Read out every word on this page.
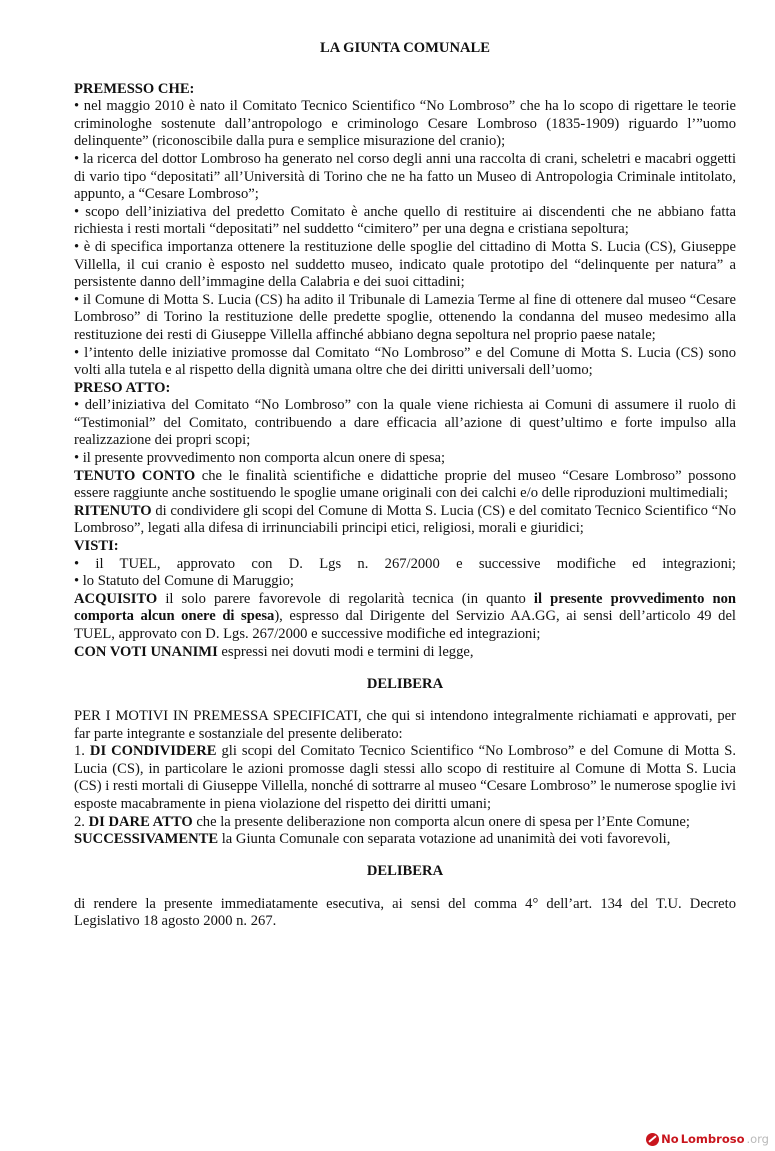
LA GIUNTA COMUNALE

PREMESSO CHE:

• nel maggio 2010 è nato il Comitato Tecnico Scientifico “No Lombroso” che ha lo scopo di rigettare le teorie criminologhe sostenute dall’antropologo e criminologo Cesare Lombroso (1835-1909) riguardo l’”uomo delinquente” (riconoscibile dalla pura e semplice misurazione del cranio);

• la ricerca del dottor Lombroso ha generato nel corso degli anni una raccolta di crani, scheletri e macabri oggetti di vario tipo “depositati” all’Università di Torino che ne ha fatto un Museo di Antropologia Criminale intitolato, appunto, a “Cesare Lombroso”;

• scopo dell’iniziativa del predetto Comitato è anche quello di restituire ai discendenti che ne abbiano fatta richiesta i resti mortali “depositati” nel suddetto “cimitero” per una degna e cristiana sepoltura;

• è di specifica importanza ottenere la restituzione delle spoglie del cittadino di Motta S. Lucia (CS), Giuseppe Villella, il cui cranio è esposto nel suddetto museo, indicato quale prototipo del “delinquente per natura” a persistente danno dell’immagine della Calabria e dei suoi cittadini;

• il Comune di Motta S. Lucia (CS) ha adito il Tribunale di Lamezia Terme al fine di ottenere dal museo “Cesare Lombroso” di Torino la restituzione delle predette spoglie, ottenendo la condanna del museo medesimo alla restituzione dei resti di Giuseppe Villella affinché abbiano degna sepoltura nel proprio paese natale;

• l’intento delle iniziative promosse dal Comitato “No Lombroso” e del Comune di Motta S. Lucia (CS) sono volti alla tutela e al rispetto della dignità umana oltre che dei diritti universali dell’uomo;

PRESO ATTO:

• dell’iniziativa del Comitato “No Lombroso” con la quale viene richiesta ai Comuni di assumere il ruolo di “Testimonial” del Comitato, contribuendo a dare efficacia all’azione di quest’ultimo e forte impulso alla realizzazione dei propri scopi;

• il presente provvedimento non comporta alcun onere di spesa;

TENUTO CONTO che le finalità scientifiche e didattiche proprie del museo “Cesare Lombroso” possono essere raggiunte anche sostituendo le spoglie umane originali con dei calchi e/o delle riproduzioni multimediali;

RITENUTO di condividere gli scopi del Comune di Motta S. Lucia (CS) e del comitato Tecnico Scientifico “No Lombroso”, legati alla difesa di irrinunciabili principi etici, religiosi, morali e giuridici;

VISTI:

• il TUEL, approvato con D. Lgs n. 267/2000 e successive modifiche ed integrazioni;

• lo Statuto del Comune di Maruggio;

ACQUISITO il solo parere favorevole di regolarità tecnica (in quanto il presente provvedimento non comporta alcun onere di spesa), espresso dal Dirigente del Servizio AA.GG, ai sensi dell’articolo 49 del TUEL, approvato con D. Lgs. 267/2000 e successive modifiche ed integrazioni;

CON VOTI UNANIMI espressi nei dovuti modi e termini di legge,

DELIBERA

PER I MOTIVI IN PREMESSA SPECIFICATI, che qui si intendono integralmente richiamati e approvati, per far parte integrante e sostanziale del presente deliberato:

1. DI CONDIVIDERE gli scopi del Comitato Tecnico Scientifico “No Lombroso” e del Comune di Motta S. Lucia (CS), in particolare le azioni promosse dagli stessi allo scopo di restituire al Comune di Motta S. Lucia (CS) i resti mortali di Giuseppe Villella, nonché di sottrarre al museo “Cesare Lombroso” le numerose spoglie ivi esposte macabramente in piena violazione del rispetto dei diritti umani;

2. DI DARE ATTO che la presente deliberazione non comporta alcun onere di spesa per l’Ente Comune;

SUCCESSIVAMENTE la Giunta Comunale con separata votazione ad unanimità dei voti favorevoli,

DELIBERA

di rendere la presente immediatamente esecutiva, ai sensi del comma 4° dell’art. 134 del T.U. Decreto Legislativo 18 agosto 2000 n. 267.

No Lombroso .org
